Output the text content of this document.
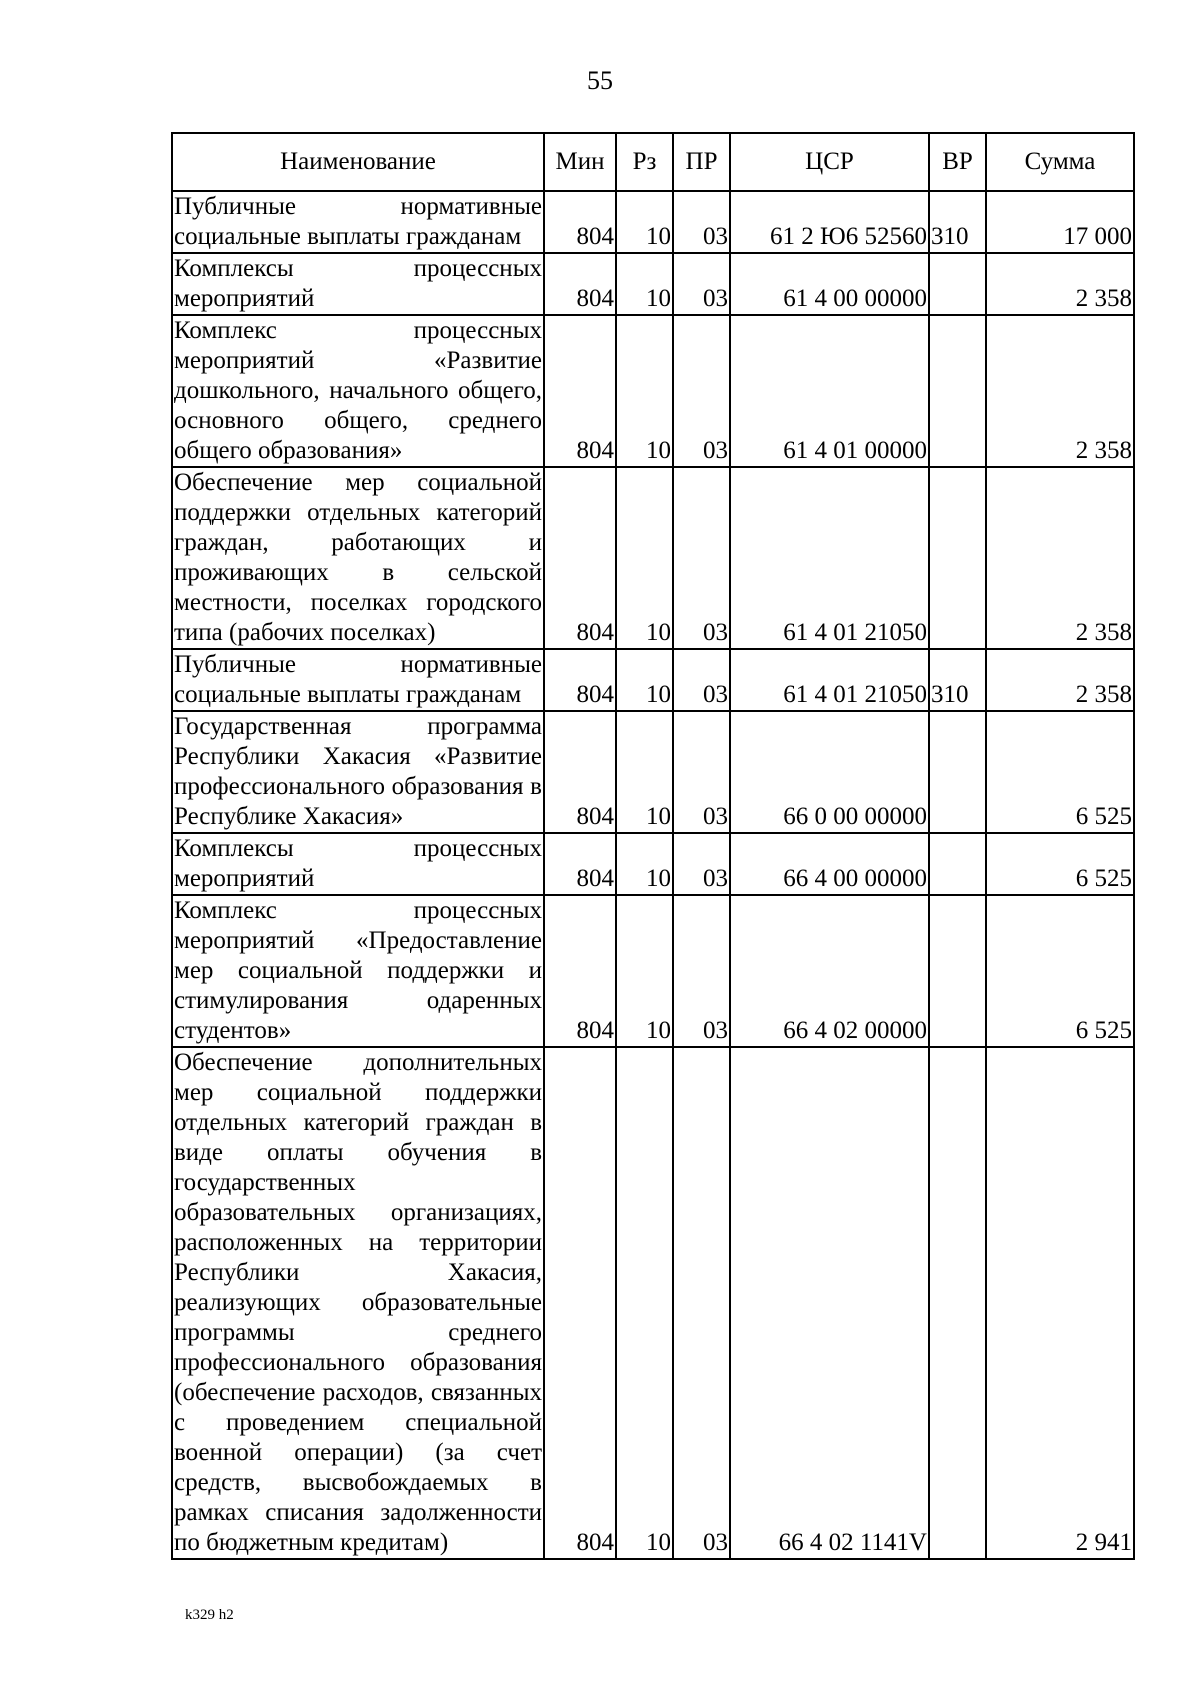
55
Наименование	Мин	Рз	ПР	ЦСР	ВР	Сумма
Публичные нормативные социальные выплаты гражданам	804	10	03	61 2 Ю6 52560	310	17 000
Комплексы процессных мероприятий	804	10	03	61 4 00 00000		2 358
Комплекс процессных мероприятий «Развитие дошкольного, начального общего, основного общего, среднего общего образования»	804	10	03	61 4 01 00000		2 358
Обеспечение мер социальной поддержки отдельных категорий граждан, работающих и проживающих в сельской местности, поселках городского типа (рабочих поселках)	804	10	03	61 4 01 21050		2 358
Публичные нормативные социальные выплаты гражданам	804	10	03	61 4 01 21050	310	2 358
Государственная программа Республики Хакасия «Развитие профессионального образования в Республике Хакасия»	804	10	03	66 0 00 00000		6 525
Комплексы процессных мероприятий	804	10	03	66 4 00 00000		6 525
Комплекс процессных мероприятий «Предоставление мер социальной поддержки и стимулирования одаренных студентов»	804	10	03	66 4 02 00000		6 525
Обеспечение дополнительных мер социальной поддержки отдельных категорий граждан в виде оплаты обучения в государственных образовательных организациях, расположенных на территории Республики Хакасия, реализующих образовательные программы среднего профессионального образования (обеспечение расходов, связанных с проведением специальной военной операции) (за счет средств, высвобождаемых в рамках списания задолженности по бюджетным кредитам)	804	10	03	66 4 02 1141V		2 941
k329 h2
